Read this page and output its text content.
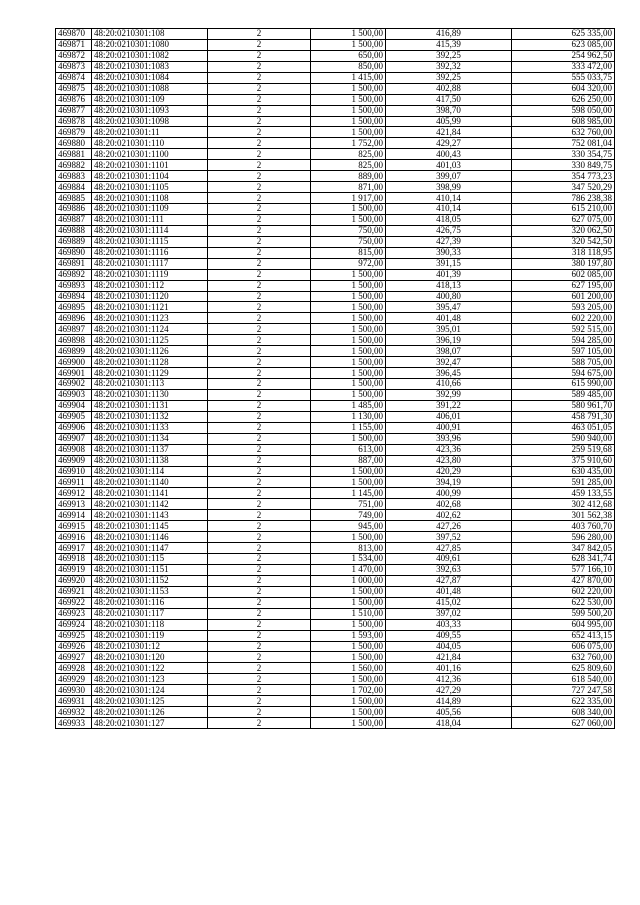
469870	48:20:0210301:108	2	1 500,00	416,89	625 335,00
469871	48:20:0210301:1080	2	1 500,00	415,39	623 085,00
469872	48:20:0210301:1082	2	650,00	392,25	254 962,50
469873	48:20:0210301:1083	2	850,00	392,32	333 472,00
469874	48:20:0210301:1084	2	1 415,00	392,25	555 033,75
469875	48:20:0210301:1088	2	1 500,00	402,88	604 320,00
469876	48:20:0210301:109	2	1 500,00	417,50	626 250,00
469877	48:20:0210301:1093	2	1 500,00	398,70	598 050,00
469878	48:20:0210301:1098	2	1 500,00	405,99	608 985,00
469879	48:20:0210301:11	2	1 500,00	421,84	632 760,00
469880	48:20:0210301:110	2	1 752,00	429,27	752 081,04
469881	48:20:0210301:1100	2	825,00	400,43	330 354,75
469882	48:20:0210301:1101	2	825,00	401,03	330 849,75
469883	48:20:0210301:1104	2	889,00	399,07	354 773,23
469884	48:20:0210301:1105	2	871,00	398,99	347 520,29
469885	48:20:0210301:1108	2	1 917,00	410,14	786 238,38
469886	48:20:0210301:1109	2	1 500,00	410,14	615 210,00
469887	48:20:0210301:111	2	1 500,00	418,05	627 075,00
469888	48:20:0210301:1114	2	750,00	426,75	320 062,50
469889	48:20:0210301:1115	2	750,00	427,39	320 542,50
469890	48:20:0210301:1116	2	815,00	390,33	318 118,95
469891	48:20:0210301:1117	2	972,00	391,15	380 197,80
469892	48:20:0210301:1119	2	1 500,00	401,39	602 085,00
469893	48:20:0210301:112	2	1 500,00	418,13	627 195,00
469894	48:20:0210301:1120	2	1 500,00	400,80	601 200,00
469895	48:20:0210301:1121	2	1 500,00	395,47	593 205,00
469896	48:20:0210301:1123	2	1 500,00	401,48	602 220,00
469897	48:20:0210301:1124	2	1 500,00	395,01	592 515,00
469898	48:20:0210301:1125	2	1 500,00	396,19	594 285,00
469899	48:20:0210301:1126	2	1 500,00	398,07	597 105,00
469900	48:20:0210301:1128	2	1 500,00	392,47	588 705,00
469901	48:20:0210301:1129	2	1 500,00	396,45	594 675,00
469902	48:20:0210301:113	2	1 500,00	410,66	615 990,00
469903	48:20:0210301:1130	2	1 500,00	392,99	589 485,00
469904	48:20:0210301:1131	2	1 485,00	391,22	580 961,70
469905	48:20:0210301:1132	2	1 130,00	406,01	458 791,30
469906	48:20:0210301:1133	2	1 155,00	400,91	463 051,05
469907	48:20:0210301:1134	2	1 500,00	393,96	590 940,00
469908	48:20:0210301:1137	2	613,00	423,36	259 519,68
469909	48:20:0210301:1138	2	887,00	423,80	375 910,60
469910	48:20:0210301:114	2	1 500,00	420,29	630 435,00
469911	48:20:0210301:1140	2	1 500,00	394,19	591 285,00
469912	48:20:0210301:1141	2	1 145,00	400,99	459 133,55
469913	48:20:0210301:1142	2	751,00	402,68	302 412,68
469914	48:20:0210301:1143	2	749,00	402,62	301 562,38
469915	48:20:0210301:1145	2	945,00	427,26	403 760,70
469916	48:20:0210301:1146	2	1 500,00	397,52	596 280,00
469917	48:20:0210301:1147	2	813,00	427,85	347 842,05
469918	48:20:0210301:115	2	1 534,00	409,61	628 341,74
469919	48:20:0210301:1151	2	1 470,00	392,63	577 166,10
469920	48:20:0210301:1152	2	1 000,00	427,87	427 870,00
469921	48:20:0210301:1153	2	1 500,00	401,48	602 220,00
469922	48:20:0210301:116	2	1 500,00	415,02	622 530,00
469923	48:20:0210301:117	2	1 510,00	397,02	599 500,20
469924	48:20:0210301:118	2	1 500,00	403,33	604 995,00
469925	48:20:0210301:119	2	1 593,00	409,55	652 413,15
469926	48:20:0210301:12	2	1 500,00	404,05	606 075,00
469927	48:20:0210301:120	2	1 500,00	421,84	632 760,00
469928	48:20:0210301:122	2	1 560,00	401,16	625 809,60
469929	48:20:0210301:123	2	1 500,00	412,36	618 540,00
469930	48:20:0210301:124	2	1 702,00	427,29	727 247,58
469931	48:20:0210301:125	2	1 500,00	414,89	622 335,00
469932	48:20:0210301:126	2	1 500,00	405,56	608 340,00
469933	48:20:0210301:127	2	1 500,00	418,04	627 060,00
